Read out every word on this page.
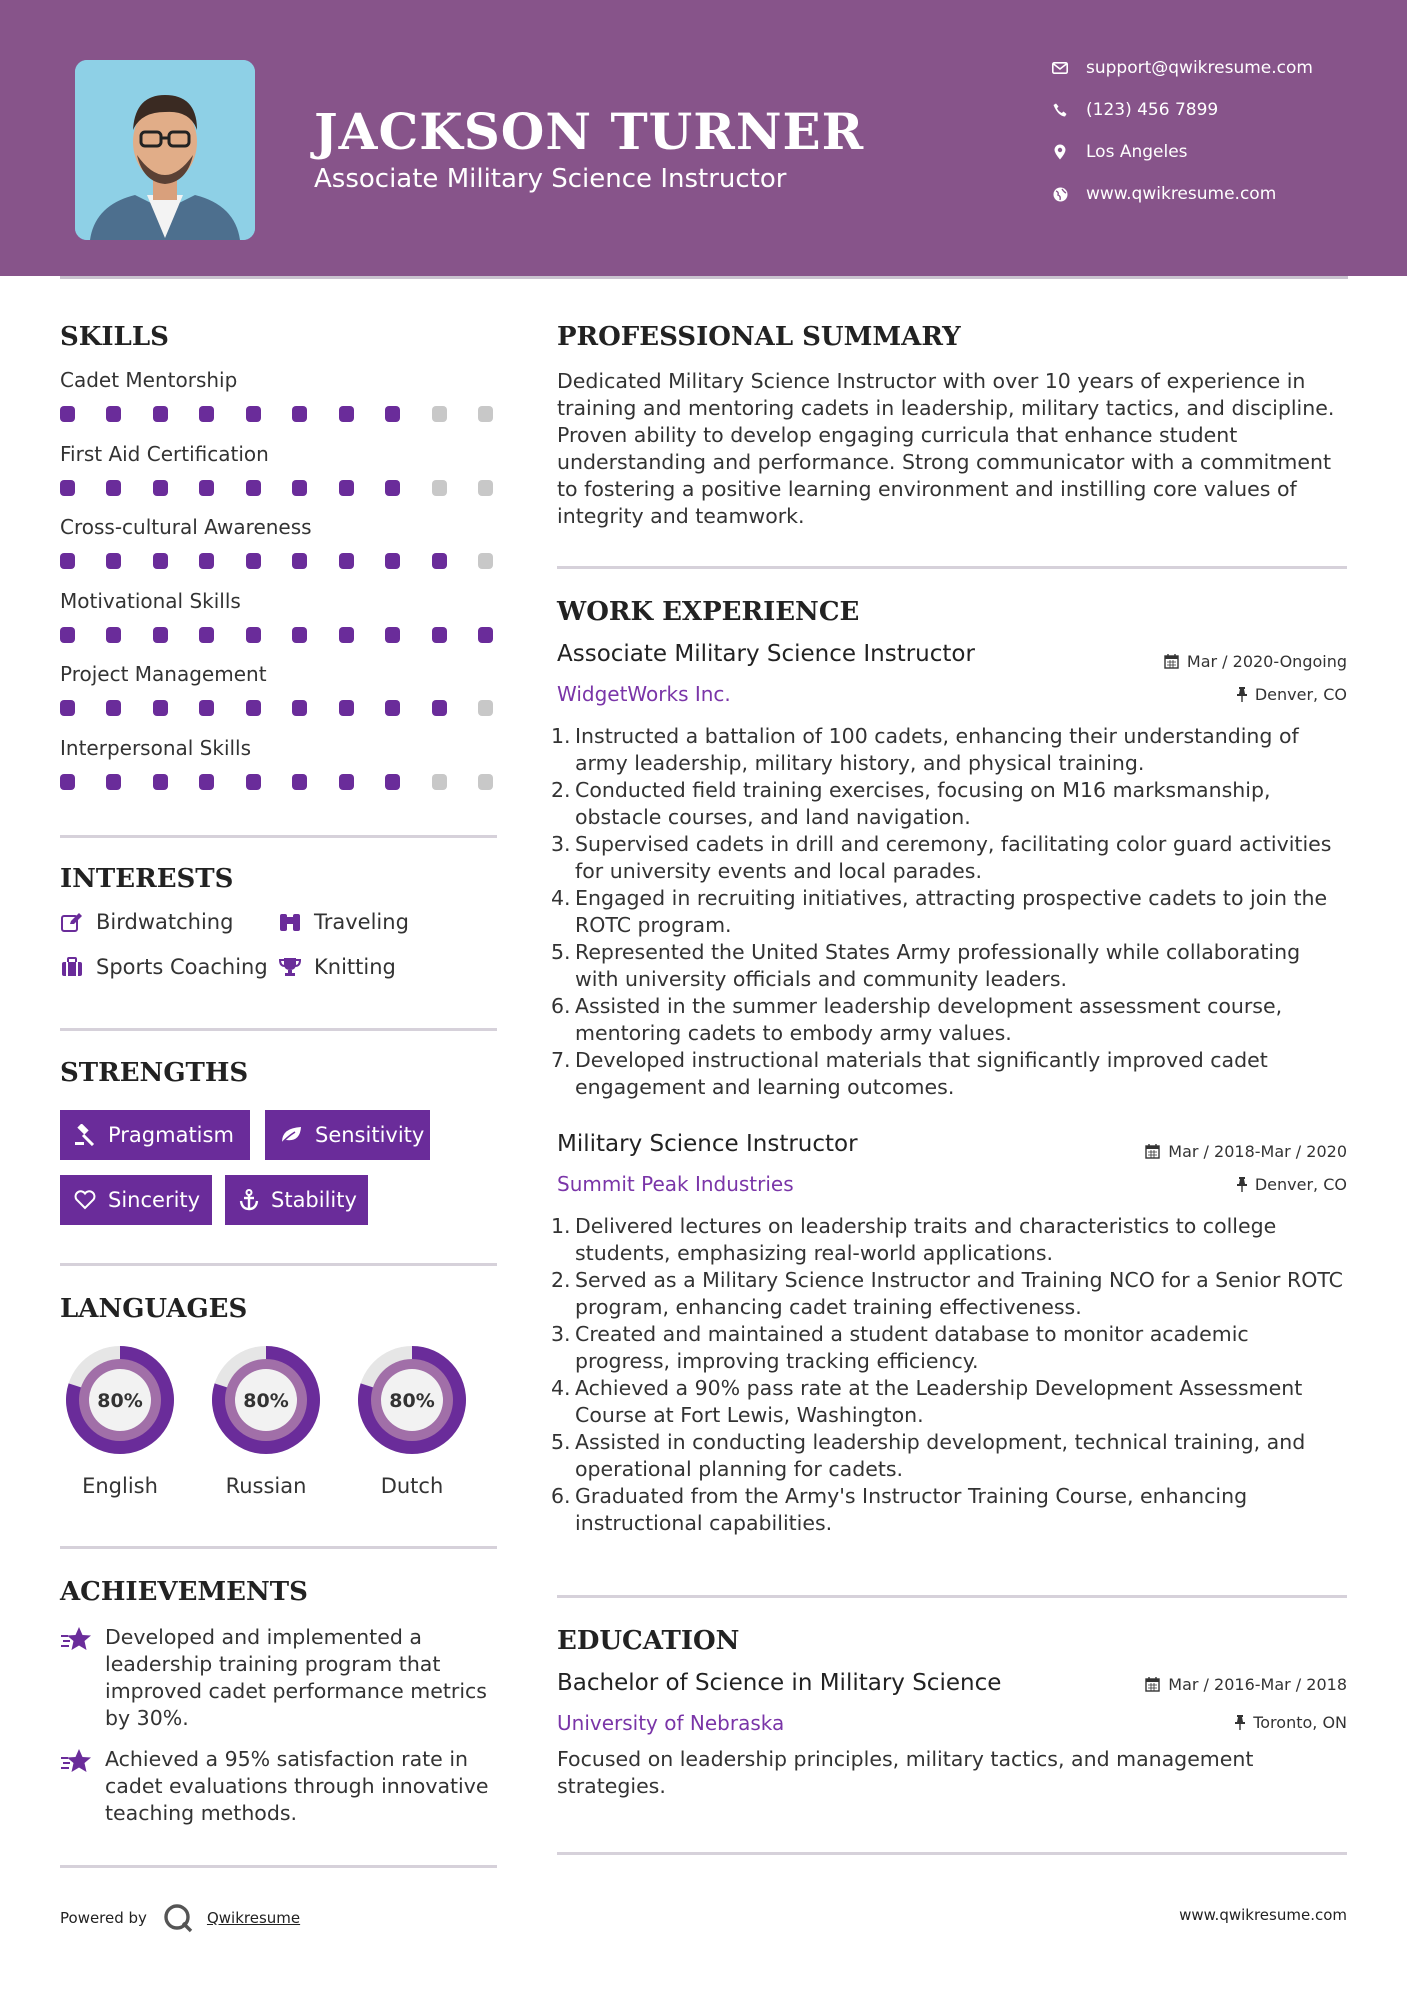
JACKSON TURNER
Associate Military Science Instructor
support@qwikresume.com
(123) 456 7899
Los Angeles
www.qwikresume.com
SKILLS
Cadet Mentorship
First Aid Certification
Cross-cultural Awareness
Motivational Skills
Project Management
Interpersonal Skills
INTERESTS
Birdwatching	Traveling
Sports Coaching Knitting
STRENGTHS
Pragmatism	Sensitivity
Sincerity	Stability
LANGUAGES
80%
English
80%
Russian
80%
Dutch
ACHIEVEMENTS
Developed and implemented a leadership training program that improved cadet performance metrics by 30%.
Achieved a 95% satisfaction rate in cadet evaluations through innovative teaching methods.
PROFESSIONAL SUMMARY
Dedicated Military Science Instructor with over 10 years of experience in training and mentoring cadets in leadership, military tactics, and discipline. Proven ability to develop engaging curricula that enhance student understanding and performance. Strong communicator with a commitment to fostering a positive learning environment and instilling core values of integrity and teamwork.
WORK EXPERIENCE
Associate Military Science Instructor	Mar / 2020-Ongoing
WidgetWorks Inc.	Denver, CO
1. Instructed a battalion of 100 cadets, enhancing their understanding of army leadership, military history, and physical training.
2. Conducted field training exercises, focusing on M16 marksmanship, obstacle courses, and land navigation.
3. Supervised cadets in drill and ceremony, facilitating color guard activities for university events and local parades.
4. Engaged in recruiting initiatives, attracting prospective cadets to join the ROTC program.
5. Represented the United States Army professionally while collaborating with university officials and community leaders.
6. Assisted in the summer leadership development assessment course, mentoring cadets to embody army values.
7. Developed instructional materials that significantly improved cadet engagement and learning outcomes.
Military Science Instructor	Mar / 2018-Mar / 2020
Summit Peak Industries	Denver, CO
1. Delivered lectures on leadership traits and characteristics to college students, emphasizing real-world applications.
2. Served as a Military Science Instructor and Training NCO for a Senior ROTC program, enhancing cadet training effectiveness.
3. Created and maintained a student database to monitor academic progress, improving tracking efficiency.
4. Achieved a 90% pass rate at the Leadership Development Assessment Course at Fort Lewis, Washington.
5. Assisted in conducting leadership development, technical training, and operational planning for cadets.
6. Graduated from the Army's Instructor Training Course, enhancing instructional capabilities.
EDUCATION
Bachelor of Science in Military Science	Mar / 2016-Mar / 2018
University of Nebraska	Toronto, ON
Focused on leadership principles, military tactics, and management strategies.
Powered by	Qwikresume	www.qwikresume.com
